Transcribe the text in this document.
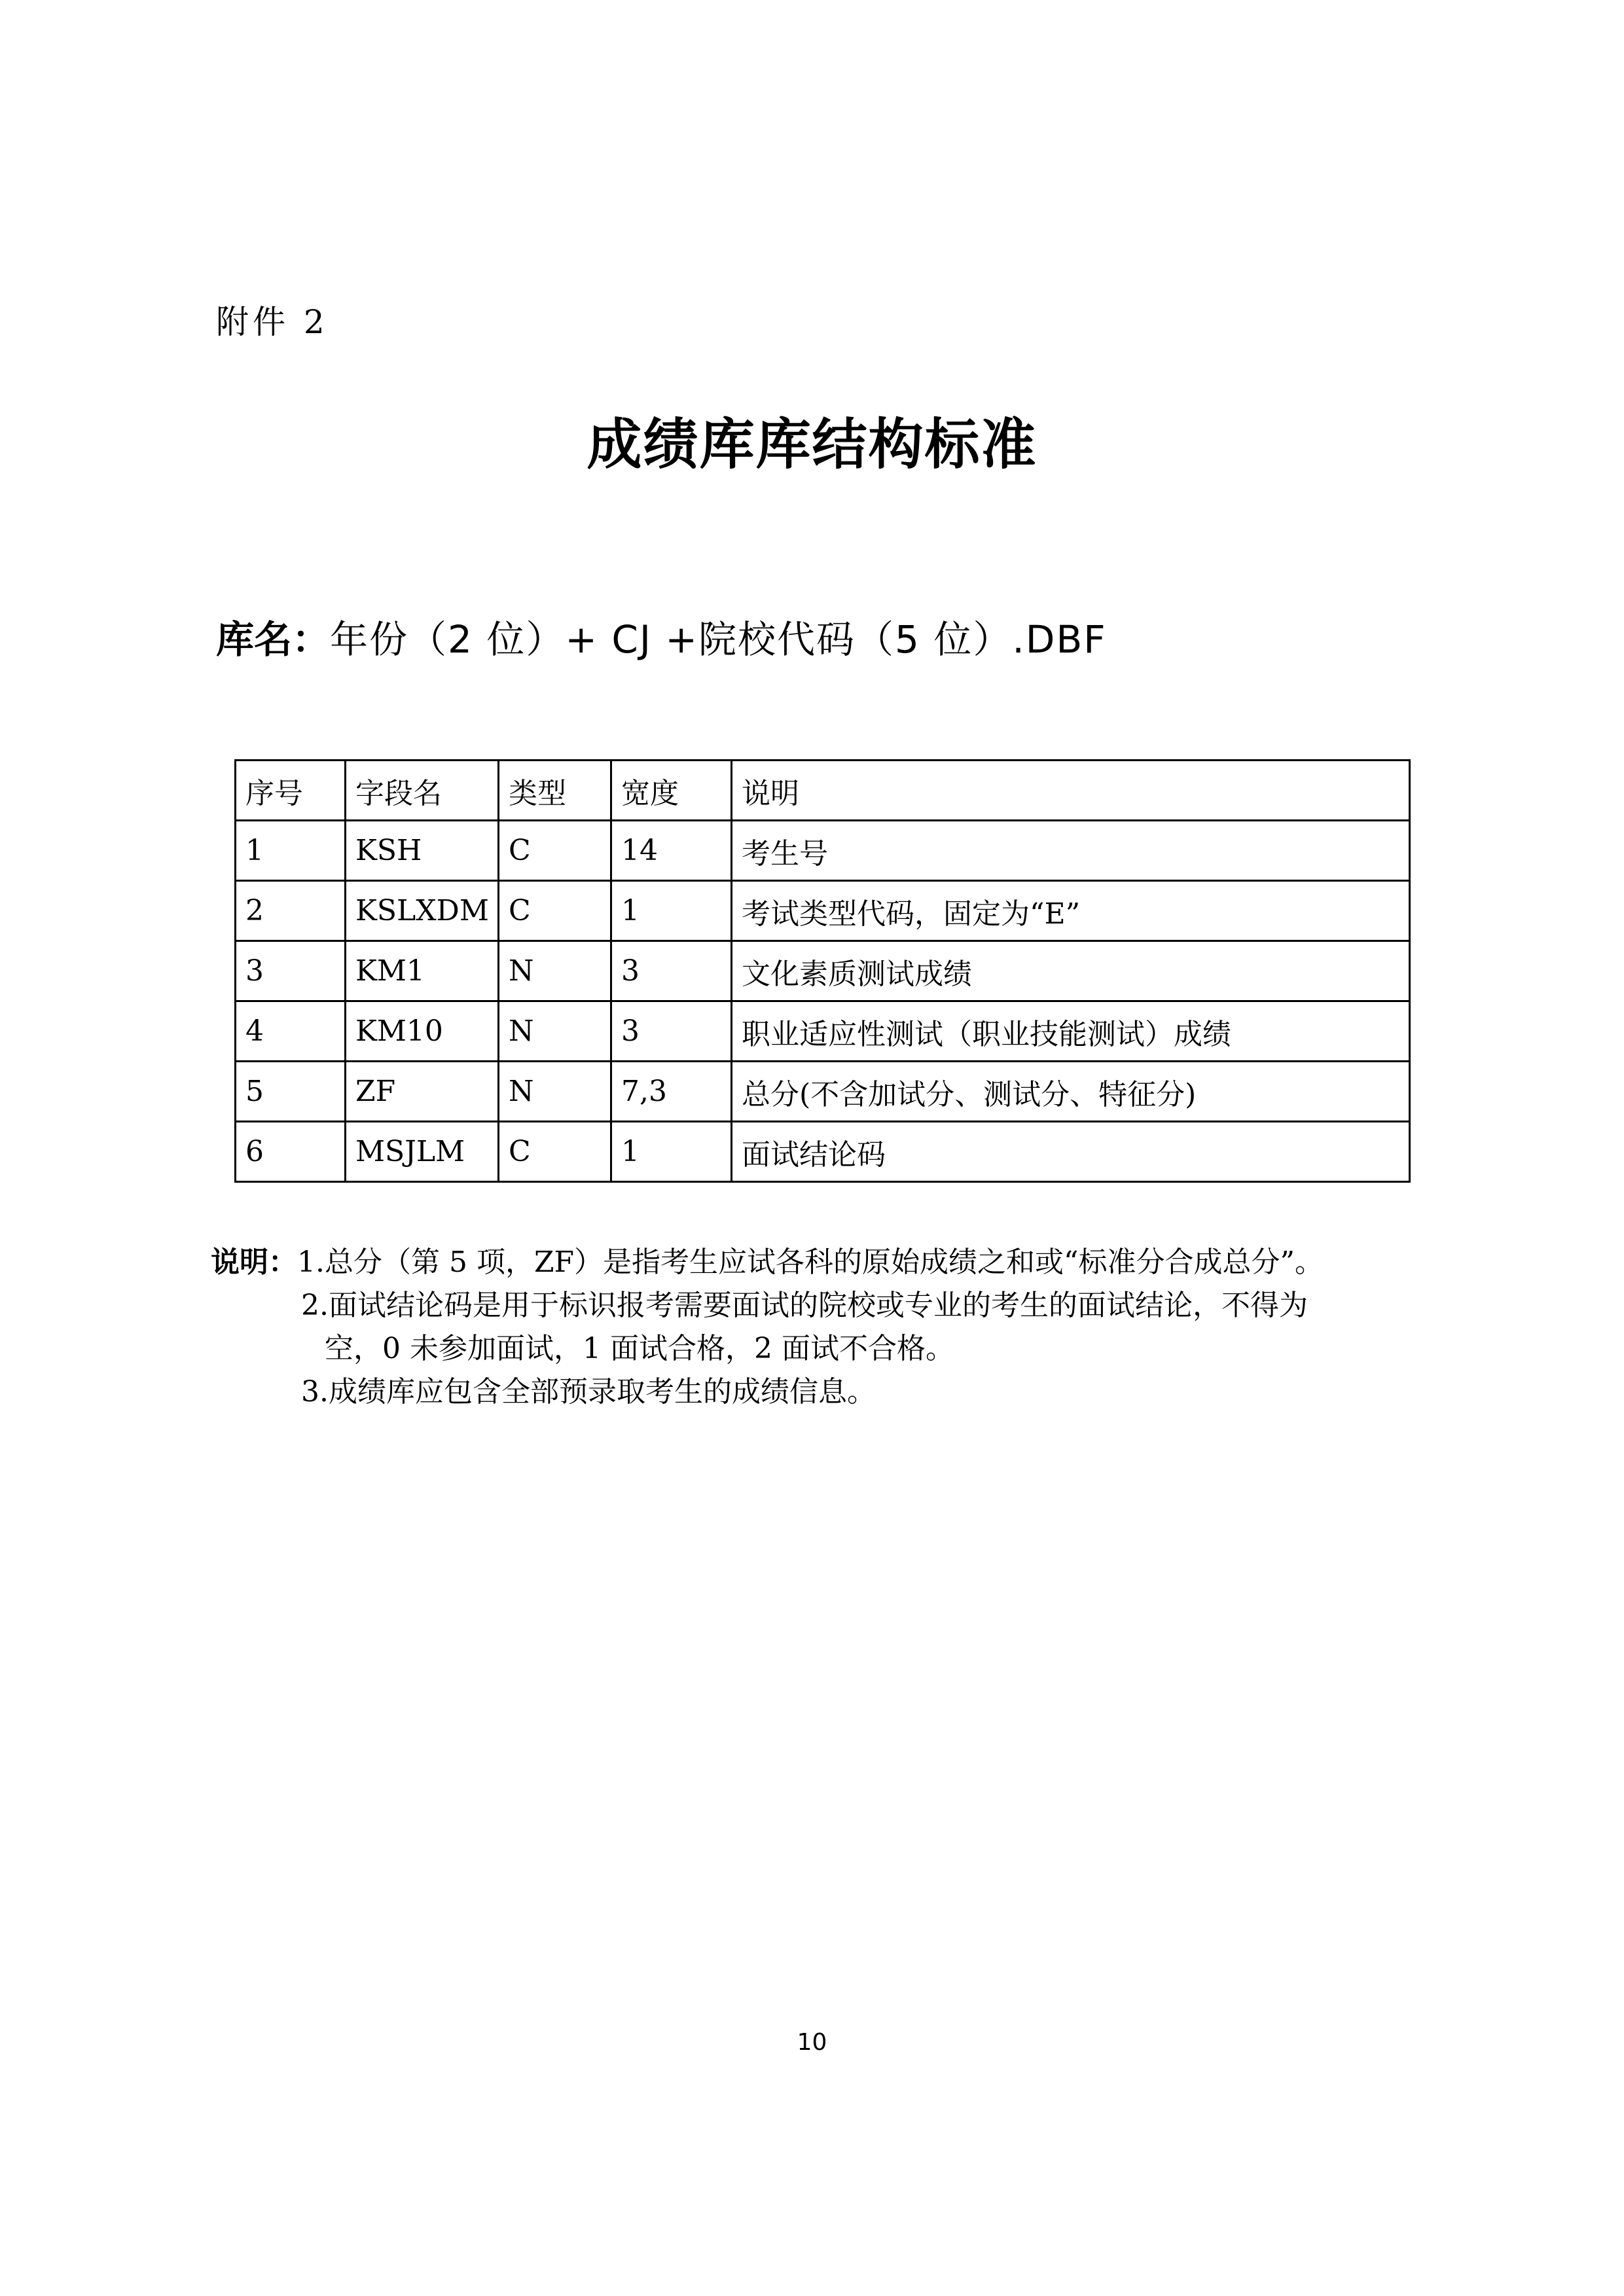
附件 2
成绩库库结构标准
库名：年份（2 位）+ CJ +院校代码（5 位）.DBF
序号	字段名	类型	宽度	说明
1	KSH	C	14	考生号
2	KSLXDM	C	1	考试类型代码，固定为“E”
3	KM1	N	3	文化素质测试成绩
4	KM10	N	3	职业适应性测试（职业技能测试）成绩
5	ZF	N	7,3	总分(不含加试分、测试分、特征分)
6	MSJLM	C	1	面试结论码
说明：1.总分（第 5 项，ZF）是指考生应试各科的原始成绩之和或“标准分合成总分”。
2.面试结论码是用于标识报考需要面试的院校或专业的考生的面试结论，不得为
空，0 未参加面试，1 面试合格，2 面试不合格。
3.成绩库应包含全部预录取考生的成绩信息。
10
